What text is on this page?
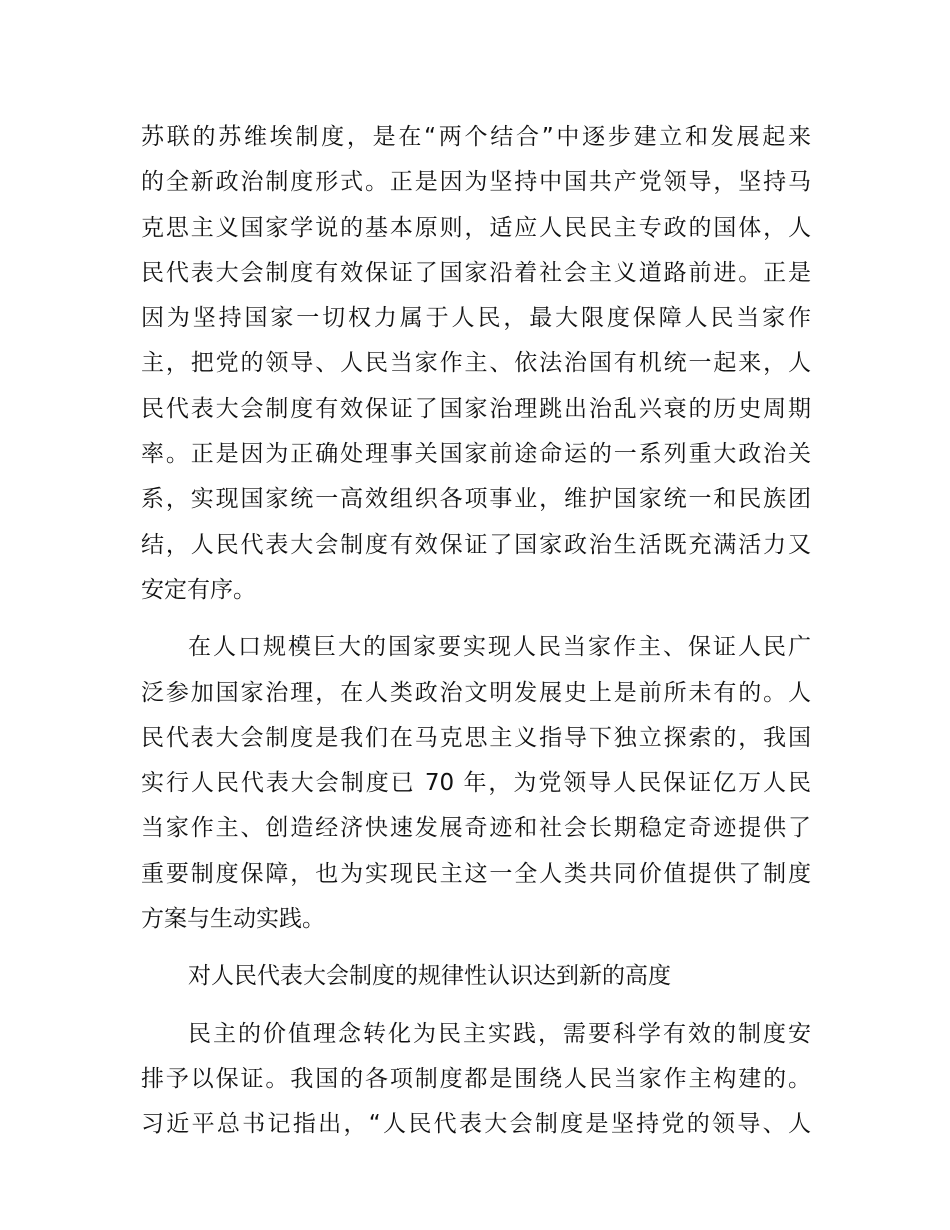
苏联的苏维埃制度，是在“两个结合”中逐步建立和发展起来
的全新政治制度形式。正是因为坚持中国共产党领导，坚持马
克思主义国家学说的基本原则，适应人民民主专政的国体，人
民代表大会制度有效保证了国家沿着社会主义道路前进。正是
因为坚持国家一切权力属于人民，最大限度保障人民当家作
主，把党的领导、人民当家作主、依法治国有机统一起来，人
民代表大会制度有效保证了国家治理跳出治乱兴衰的历史周期
率。正是因为正确处理事关国家前途命运的一系列重大政治关
系，实现国家统一高效组织各项事业，维护国家统一和民族团
结，人民代表大会制度有效保证了国家政治生活既充满活力又
安定有序。
在人口规模巨大的国家要实现人民当家作主、保证人民广
泛参加国家治理，在人类政治文明发展史上是前所未有的。人
民代表大会制度是我们在马克思主义指导下独立探索的，我国
实行人民代表大会制度已 70 年，为党领导人民保证亿万人民
当家作主、创造经济快速发展奇迹和社会长期稳定奇迹提供了
重要制度保障，也为实现民主这一全人类共同价值提供了制度
方案与生动实践。
对人民代表大会制度的规律性认识达到新的高度
民主的价值理念转化为民主实践，需要科学有效的制度安
排予以保证。我国的各项制度都是围绕人民当家作主构建的。
习近平总书记指出，“人民代表大会制度是坚持党的领导、人
